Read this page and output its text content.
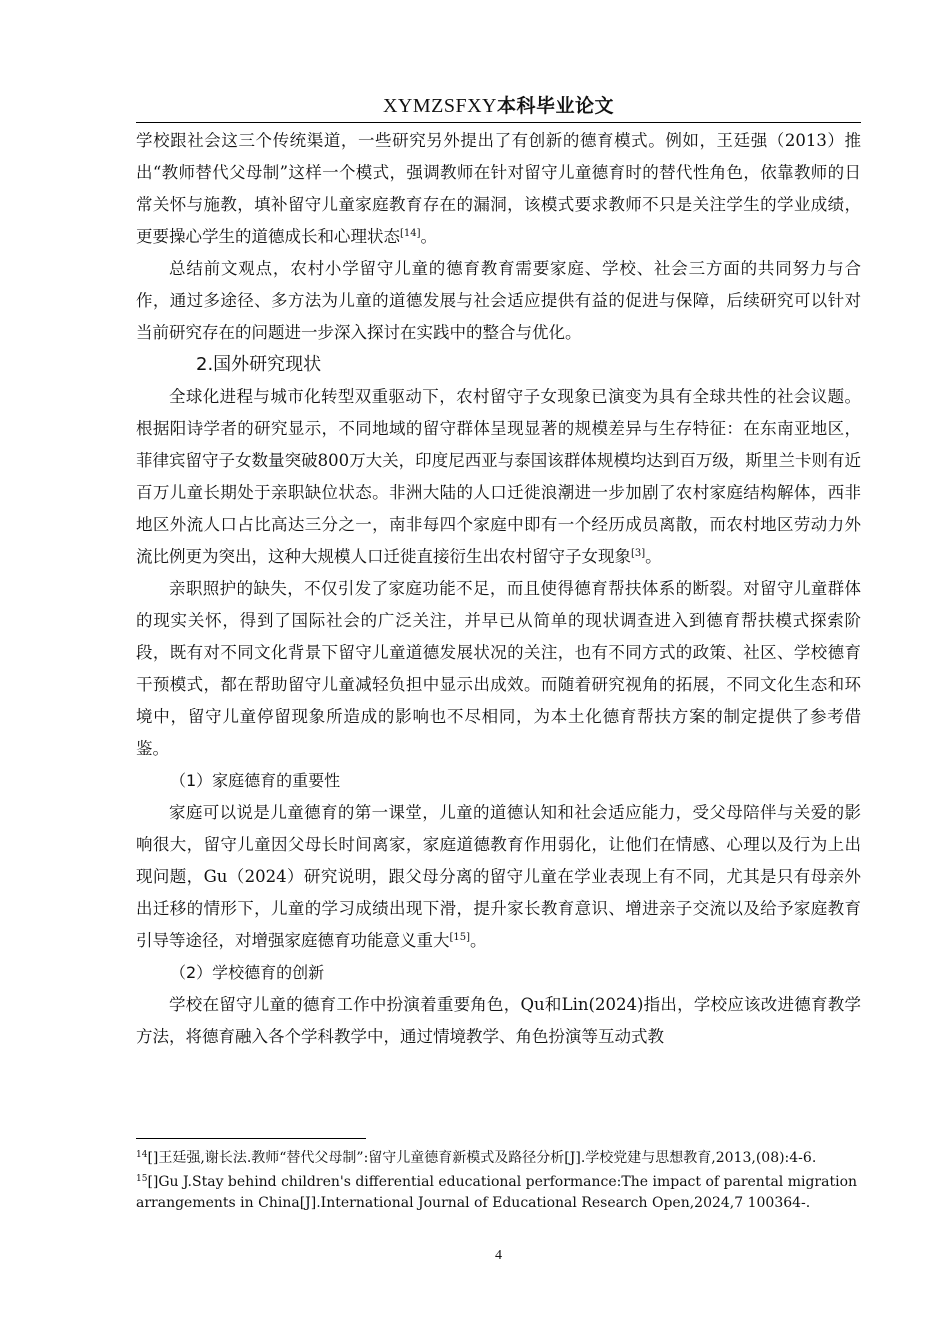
XYMZSFXY本科毕业论文

学校跟社会这三个传统渠道，一些研究另外提出了有创新的德育模式。例如，王廷强（2013）推出“教师替代父母制”这样一个模式，强调教师在针对留守儿童德育时的替代性角色，依靠教师的日常关怀与施教，填补留守儿童家庭教育存在的漏洞，该模式要求教师不只是关注学生的学业成绩，更要操心学生的道德成长和心理状态[14]。

总结前文观点，农村小学留守儿童的德育教育需要家庭、学校、社会三方面的共同努力与合作，通过多途径、多方法为儿童的道德发展与社会适应提供有益的促进与保障，后续研究可以针对当前研究存在的问题进一步深入探讨在实践中的整合与优化。

2.国外研究现状

全球化进程与城市化转型双重驱动下，农村留守子女现象已演变为具有全球共性的社会议题。根据阳诗学者的研究显示，不同地域的留守群体呈现显著的规模差异与生存特征：在东南亚地区，菲律宾留守子女数量突破800万大关，印度尼西亚与泰国该群体规模均达到百万级，斯里兰卡则有近百万儿童长期处于亲职缺位状态。非洲大陆的人口迁徙浪潮进一步加剧了农村家庭结构解体，西非地区外流人口占比高达三分之一，南非每四个家庭中即有一个经历成员离散，而农村地区劳动力外流比例更为突出，这种大规模人口迁徙直接衍生出农村留守子女现象[3]。

亲职照护的缺失，不仅引发了家庭功能不足，而且使得德育帮扶体系的断裂。对留守儿童群体的现实关怀，得到了国际社会的广泛关注，并早已从简单的现状调查进入到德育帮扶模式探索阶段，既有对不同文化背景下留守儿童道德发展状况的关注，也有不同方式的政策、社区、学校德育干预模式，都在帮助留守儿童减轻负担中显示出成效。而随着研究视角的拓展，不同文化生态和环境中，留守儿童停留现象所造成的影响也不尽相同，为本土化德育帮扶方案的制定提供了参考借鉴。

（1）家庭德育的重要性

家庭可以说是儿童德育的第一课堂，儿童的道德认知和社会适应能力，受父母陪伴与关爱的影响很大，留守儿童因父母长时间离家，家庭道德教育作用弱化，让他们在情感、心理以及行为上出现问题，Gu（2024）研究说明，跟父母分离的留守儿童在学业表现上有不同，尤其是只有母亲外出迁移的情形下，儿童的学习成绩出现下滑，提升家长教育意识、增进亲子交流以及给予家庭教育引导等途径，对增强家庭德育功能意义重大[15]。

（2）学校德育的创新

学校在留守儿童的德育工作中扮演着重要角色，Qu和Lin(2024)指出，学校应该改进德育教学方法，将德育融入各个学科教学中，通过情境教学、角色扮演等互动式教

$^{14}$[]王廷强,谢长法.教师“替代父母制”:留守儿童德育新模式及路径分析[J].学校党建与思想教育,2013,(08):4-6.

$^{15}$[]Gu J.Stay behind children's differential educational performance:The impact of parental migration arrangements in China[J].International Journal of Educational Research Open,2024,7 100364-.

4
